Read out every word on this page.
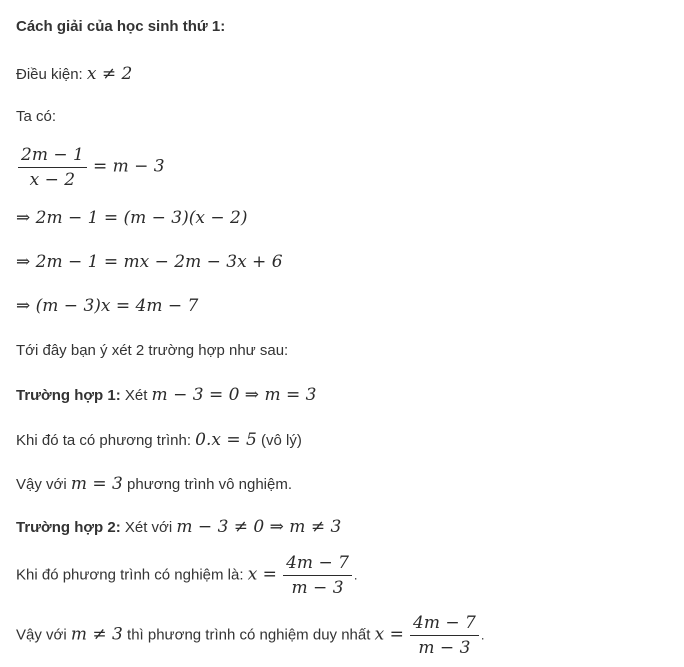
Cách giải của học sinh thứ 1:
Điều kiện: x ≠ 2
Ta có:
$\frac{2m - 1}{x - 2} = m - 3$
⇒ 2m − 1 = (m − 3)(x − 2)
⇒ 2m − 1 = mx − 2m − 3x + 6
⇒ (m − 3)x = 4m − 7
Tới đây bạn ý xét 2 trường hợp như sau:
Trường hợp 1: Xét m − 3 = 0 ⇒ m = 3
Khi đó ta có phương trình: 0.x = 5 (vô lý)
Vậy với m = 3 phương trình vô nghiệm.
Trường hợp 2: Xét với m − 3 ≠ 0 ⇒ m ≠ 3
Khi đó phương trình có nghiệm là: $x = \frac{4m - 7}{m - 3}$ .
Vậy với m ≠ 3 thì phương trình có nghiệm duy nhất $x = \frac{4m - 7}{m - 3}$ .
